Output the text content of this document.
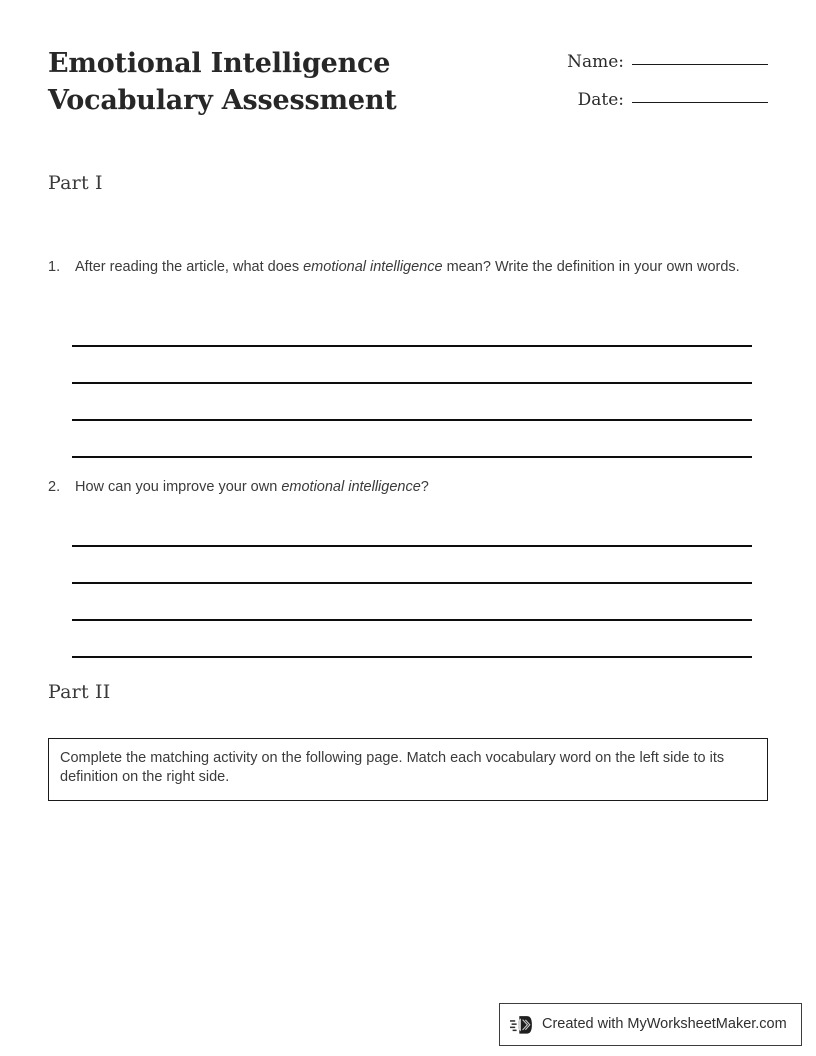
Emotional Intelligence Vocabulary Assessment
Name:
Date:
Part I
1.	After reading the article, what does emotional intelligence mean? Write the definition in your own words.
2.	How can you improve your own emotional intelligence?
Part II

Complete the matching activity on the following page. Match each vocabulary word on the left side to its definition on the right side.

Created with MyWorksheetMaker.com
